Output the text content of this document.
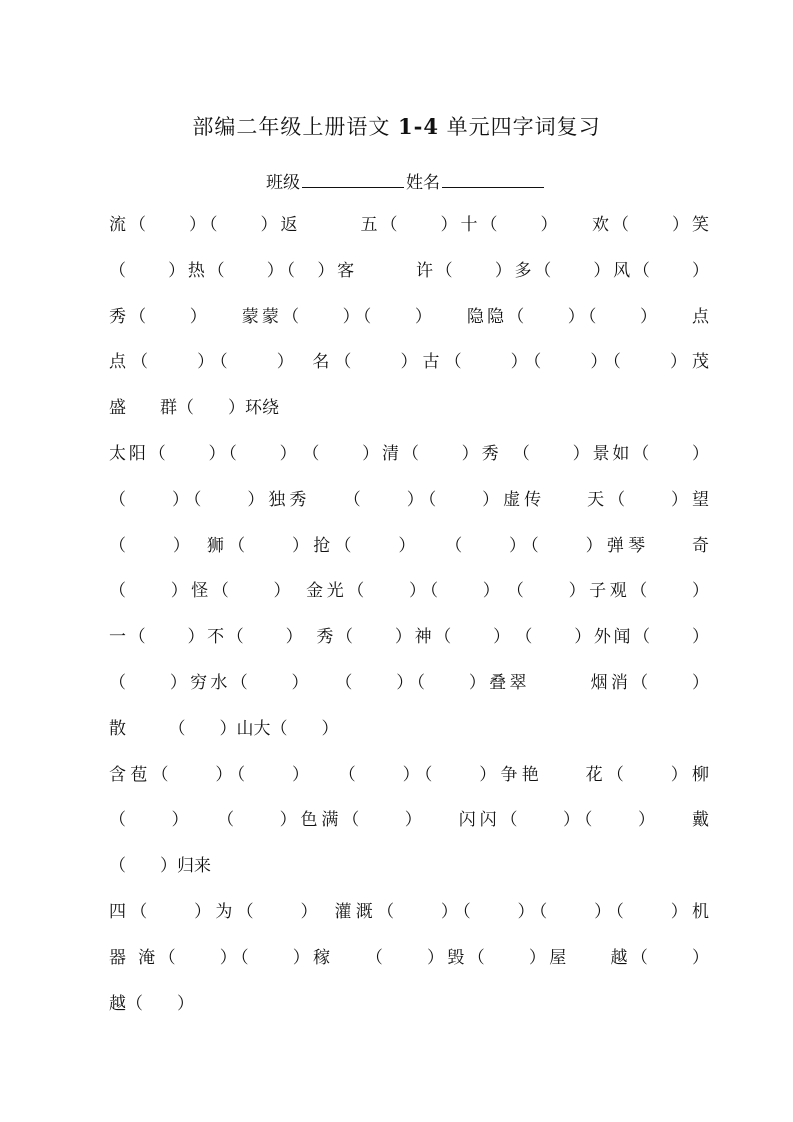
部编二年级上册语文 1-4 单元四字词复习
班级	姓名
流（　　）（　　）返　　　五（　　）十（　　）　　欢（　　）笑
（　　）热（　　）（　）客　　　许（　　）多（　　）风（　　）
秀（　　）　　蒙蒙（　　）（　　）　　隐隐（　　）（　　）　　点
点（　　）（　　）　名（　　）古（　　）（　　）（　　）茂
盛　　群（　　）环绕
太阳（　　）（　　）　（　　）清（　　）秀　（　　）景如（　　）
（　　）（　　）独秀　　（　　）（　　）虚传　　天（　　）望
（　　）　狮（　　）抢（　　）　　（　　）（　　）弹琴　　奇
（　　）怪（　　）　金光（　　）（　　）　（　　）子观（　　）
一（　　）不（　　）　秀（　　）神（　　）　（　　）外闻（　　）
（　　）穷水（　　）　　（　　）（　　）叠翠　　　烟消（　　）
散　　　（　　）山大（　　）
含苞（　　）（　　）　　（　　）（　　）争艳　　花（　　）柳
（　　）　　（　　）色满（　　）　　闪闪（　　）（　　）　　戴
（　　）归来
四（　　）为（　　）　灌溉（　　）（　　）（　　）（　　）机
器 淹（　　）（　　）稼　　（　　）毁（　　）屋　　越（　　）
越（　　）
